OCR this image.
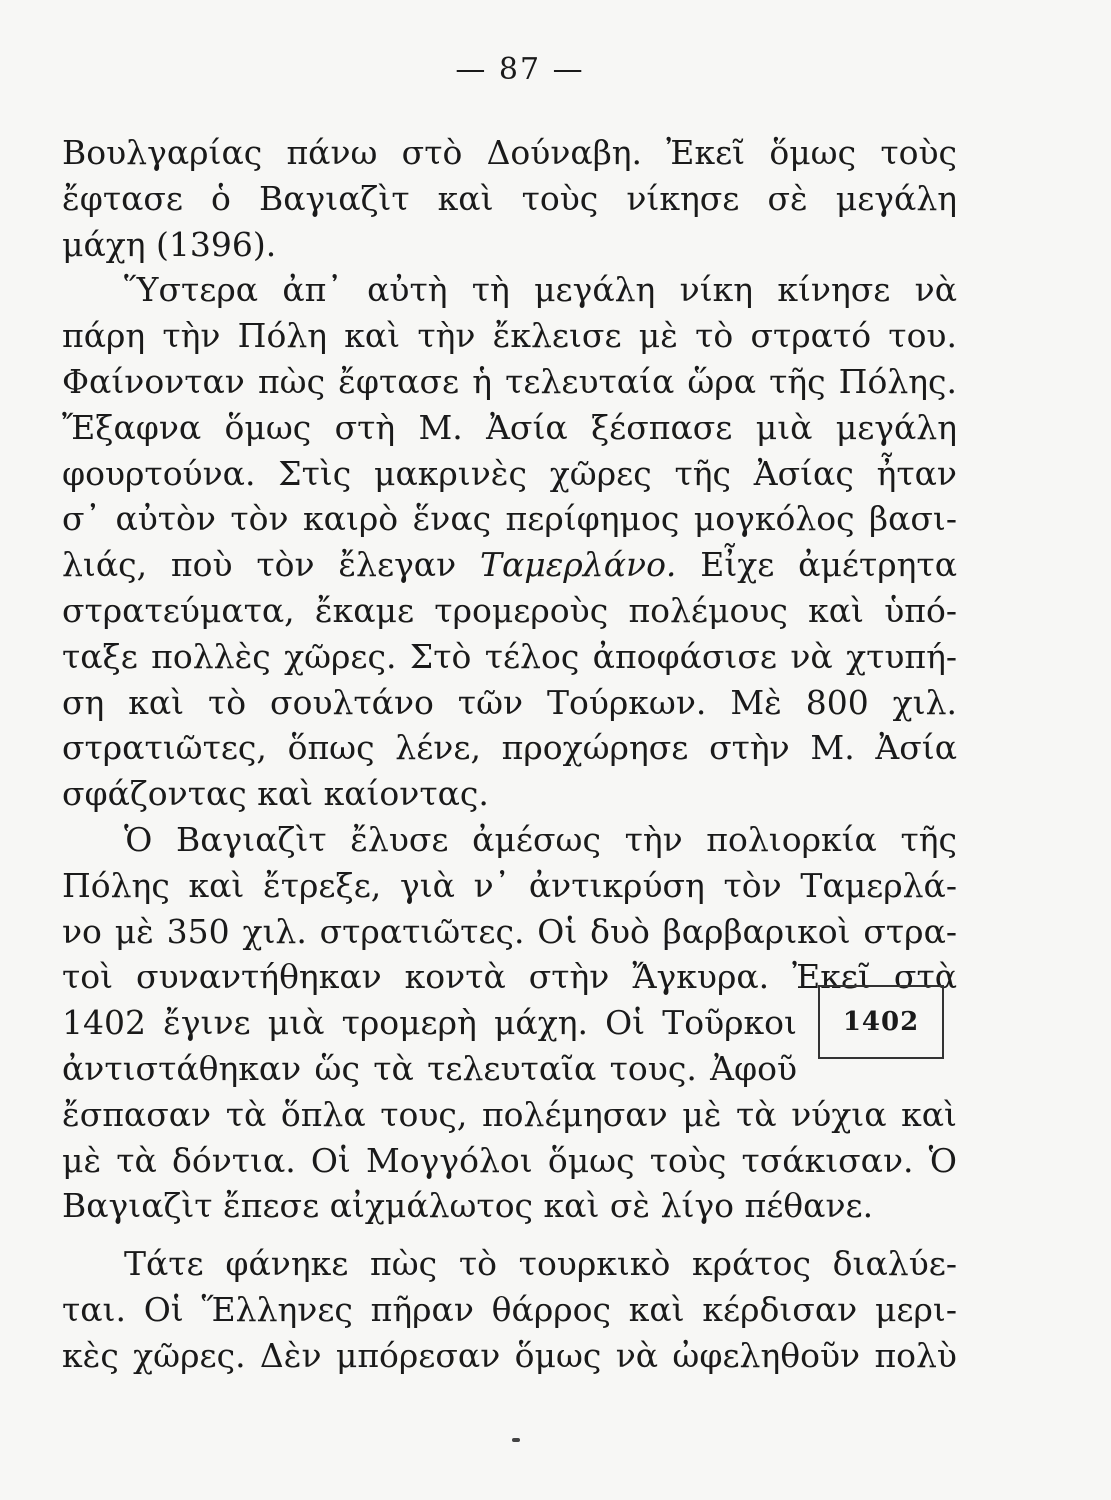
— 87 —
Βουλγαρίας πάνω στὸ Δούναβη. Ἐκεῖ ὅμως τοὺς
ἔφτασε ὁ Βαγιαζὶτ καὶ τοὺς νίκησε σὲ μεγάλη
μάχη (1396).
Ὕστερα ἀπ᾽ αὐτὴ τὴ μεγάλη νίκη κίνησε νὰ
πάρη τὴν Πόλη καὶ τὴν ἔκλεισε μὲ τὸ στρατό του.
Φαίνονταν πὼς ἔφτασε ἡ τελευταία ὥρα τῆς Πόλης.
Ἔξαφνα ὅμως στὴ Μ. Ἀσία ξέσπασε μιὰ μεγάλη
φουρτούνα. Στὶς μακρινὲς χῶρες τῆς Ἀσίας ἦταν
σ᾽ αὐτὸν τὸν καιρὸ ἕνας περίφημος μογκόλος βασι-
λιάς, ποὺ τὸν ἔλεγαν Ταμερλάνο. Εἶχε ἀμέτρητα
στρατεύματα, ἔκαμε τρομεροὺς πολέμους καὶ ὑπό-
ταξε πολλὲς χῶρες. Στὸ τέλος ἀποφάσισε νὰ χτυπή-
ση καὶ τὸ σουλτάνο τῶν Τούρκων. Μὲ 800 χιλ.
στρατιῶτες, ὅπως λένε, προχώρησε στὴν Μ. Ἀσία
σφάζοντας καὶ καίοντας.
Ὁ Βαγιαζὶτ ἔλυσε ἀμέσως τὴν πολιορκία τῆς
Πόλης καὶ ἔτρεξε, γιὰ ν᾽ ἀντικρύση τὸν Ταμερλά-
νο μὲ 350 χιλ. στρατιῶτες. Οἱ δυὸ βαρβαρικοὶ στρα-
τοὶ συναντήθηκαν κοντὰ στὴν Ἄγκυρα. Ἐκεῖ στὰ
1402 ἔγινε μιὰ τρομερὴ μάχη. Οἱ Τοῦρκοι
ἀντιστάθηκαν ὥς τὰ τελευταῖα τους. Ἀφοῦ
ἔσπασαν τὰ ὅπλα τους, πολέμησαν μὲ τὰ νύχια καὶ
μὲ τὰ δόντια. Οἱ Μογγόλοι ὅμως τοὺς τσάκισαν. Ὁ
Βαγιαζὶτ ἔπεσε αἰχμάλωτος καὶ σὲ λίγο πέθανε.
Τάτε φάνηκε πὼς τὸ τουρκικὸ κράτος διαλύε-
ται. Οἱ Ἕλληνες πῆραν θάρρος καὶ κέρδισαν μερι-
κὲς χῶρες. Δὲν μπόρεσαν ὅμως νὰ ὠφεληθοῦν πολὺ
1402
